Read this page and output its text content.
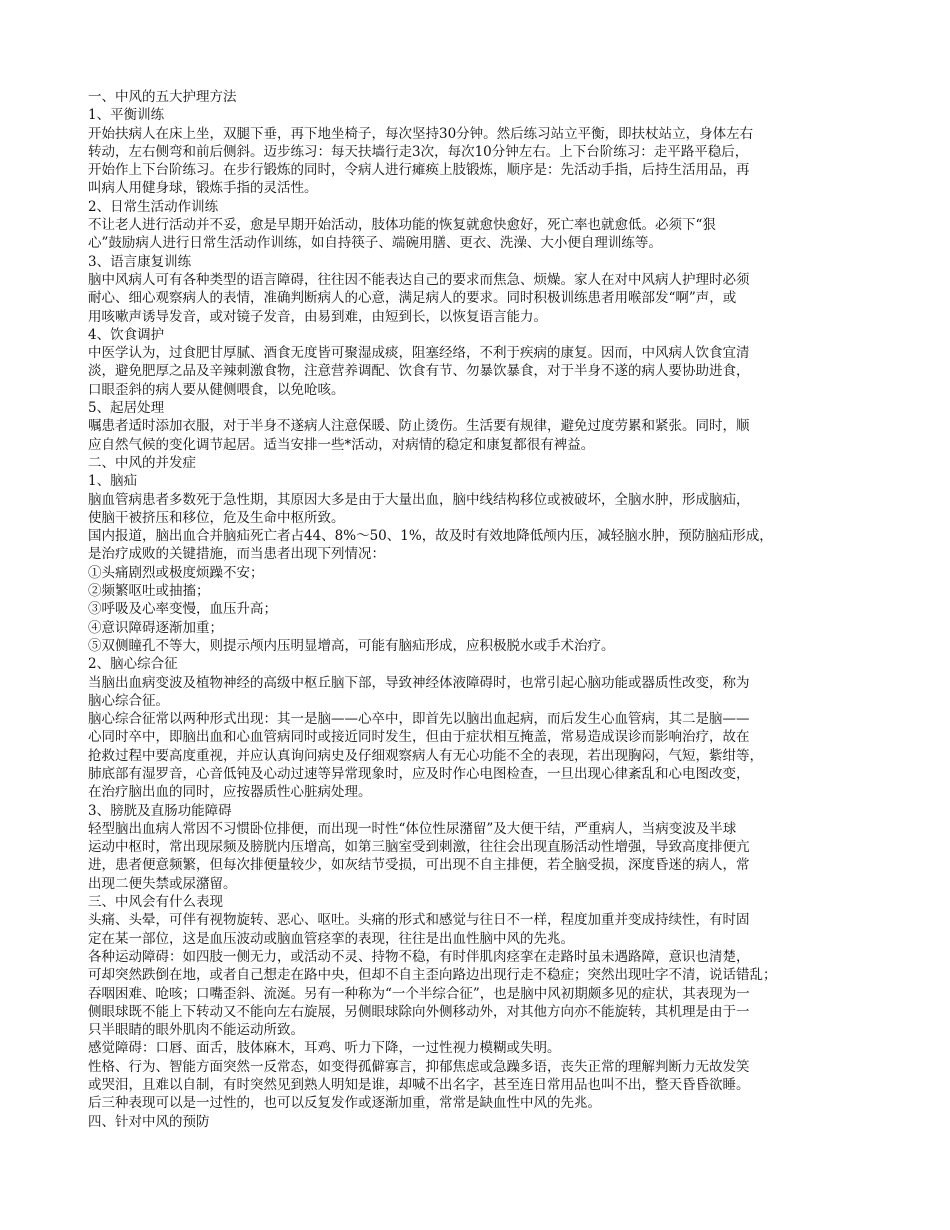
一、中风的五大护理方法
1、平衡训练
开始扶病人在床上坐，双腿下垂，再下地坐椅子，每次坚持30分钟。然后练习站立平衡，即扶杖站立，身体左右
转动，左右侧弯和前后侧斜。迈步练习：每天扶墙行走3次，每次10分钟左右。上下台阶练习：走平路平稳后，
开始作上下台阶练习。在步行锻炼的同时，令病人进行瘫痪上肢锻炼，顺序是：先活动手指，后持生活用品，再
叫病人用健身球，锻炼手指的灵活性。
2、日常生活动作训练
不让老人进行活动并不妥，愈是早期开始活动，肢体功能的恢复就愈快愈好，死亡率也就愈低。必须下“狠
心”鼓励病人进行日常生活动作训练，如自持筷子、端碗用膳、更衣、洗澡、大小便自理训练等。
3、语言康复训练
脑中风病人可有各种类型的语言障碍，往往因不能表达自己的要求而焦急、烦燥。家人在对中风病人护理时必须
耐心、细心观察病人的表情，准确判断病人的心意，满足病人的要求。同时积极训练患者用喉部发“啊”声，或
用咳嗽声诱导发音，或对镜子发音，由易到难，由短到长，以恢复语言能力。
4、饮食调护
中医学认为，过食肥甘厚腻、酒食无度皆可聚湿成痰，阻塞经络，不利于疾病的康复。因而，中风病人饮食宜清
淡，避免肥厚之品及辛辣刺激食物，注意营养调配、饮食有节、勿暴饮暴食，对于半身不遂的病人要协助进食，
口眼歪斜的病人要从健侧喂食，以免呛咳。
5、起居处理
嘱患者适时添加衣服，对于半身不遂病人注意保暖、防止烫伤。生活要有规律，避免过度劳累和紧张。同时，顺
应自然气候的变化调节起居。适当安排一些*活动，对病情的稳定和康复都很有裨益。
二、中风的并发症
1、脑疝
脑血管病患者多数死于急性期，其原因大多是由于大量出血，脑中线结构移位或被破坏，全脑水肿，形成脑疝，
使脑干被挤压和移位，危及生命中枢所致。
国内报道，脑出血合并脑疝死亡者占44、8%～50、1%，故及时有效地降低颅内压，减轻脑水肿，预防脑疝形成，
是治疗成败的关键措施，而当患者出现下列情况：
①头痛剧烈或极度烦躁不安；
②频繁呕吐或抽搐；
③呼吸及心率变慢，血压升高；
④意识障碍逐渐加重；
⑤双侧瞳孔不等大，则提示颅内压明显增高，可能有脑疝形成，应积极脱水或手术治疗。
2、脑心综合征
当脑出血病变波及植物神经的高级中枢丘脑下部，导致神经体液障碍时，也常引起心脑功能或器质性改变，称为
脑心综合征。
脑心综合征常以两种形式出现：其一是脑——心卒中，即首先以脑出血起病，而后发生心血管病，其二是脑——
心同时卒中，即脑出血和心血管病同时或接近同时发生，但由于症状相互掩盖，常易造成误诊而影响治疗，故在
抢救过程中要高度重视，并应认真询问病史及仔细观察病人有无心功能不全的表现，若出现胸闷，气短，紫绀等，
肺底部有湿罗音，心音低钝及心动过速等异常现象时，应及时作心电图检查，一旦出现心律紊乱和心电图改变，
在治疗脑出血的同时，应按器质性心脏病处理。
3、膀胱及直肠功能障碍
轻型脑出血病人常因不习惯卧位排便，而出现一时性“体位性尿潴留”及大便干结，严重病人，当病变波及半球
运动中枢时，常出现尿频及膀胱内压增高，如第三脑室受到刺激，往往会出现直肠活动性增强，导致高度排便亢
进，患者便意频繁，但每次排便量较少，如灰结节受损，可出现不自主排便，若全脑受损，深度昏迷的病人，常
出现二便失禁或尿潴留。
三、中风会有什么表现
头痛、头晕，可伴有视物旋转、恶心、呕吐。头痛的形式和感觉与往日不一样，程度加重并变成持续性，有时固
定在某一部位，这是血压波动或脑血管痉挛的表现，往往是出血性脑中风的先兆。
各种运动障碍：如四肢一侧无力，或活动不灵、持物不稳，有时伴肌肉痉挛在走路时虽未遇路障，意识也清楚，
可却突然跌倒在地，或者自己想走在路中央，但却不自主歪向路边出现行走不稳症；突然出现吐字不清，说话错乱；
吞咽困难、呛咳；口嘴歪斜、流涎。另有一种称为“一个半综合征”，也是脑中风初期颇多见的症状，其表现为一
侧眼球既不能上下转动又不能向左右旋展，另侧眼球除向外侧移动外，对其他方向亦不能旋转，其机理是由于一
只半眼睛的眼外肌肉不能运动所致。
感觉障碍：口唇、面舌，肢体麻木，耳鸡、听力下降，一过性视力模糊或失明。
性格、行为、智能方面突然一反常态，如变得孤僻寡言，抑郁焦虑或急躁多语，丧失正常的理解判断力无故发笑
或哭泪，且难以自制，有时突然见到熟人明知是谁，却喊不出名字，甚至连日常用品也叫不出，整天昏昏欲睡。
后三种表现可以是一过性的，也可以反复发作或逐渐加重，常常是缺血性中风的先兆。
四、针对中风的预防
